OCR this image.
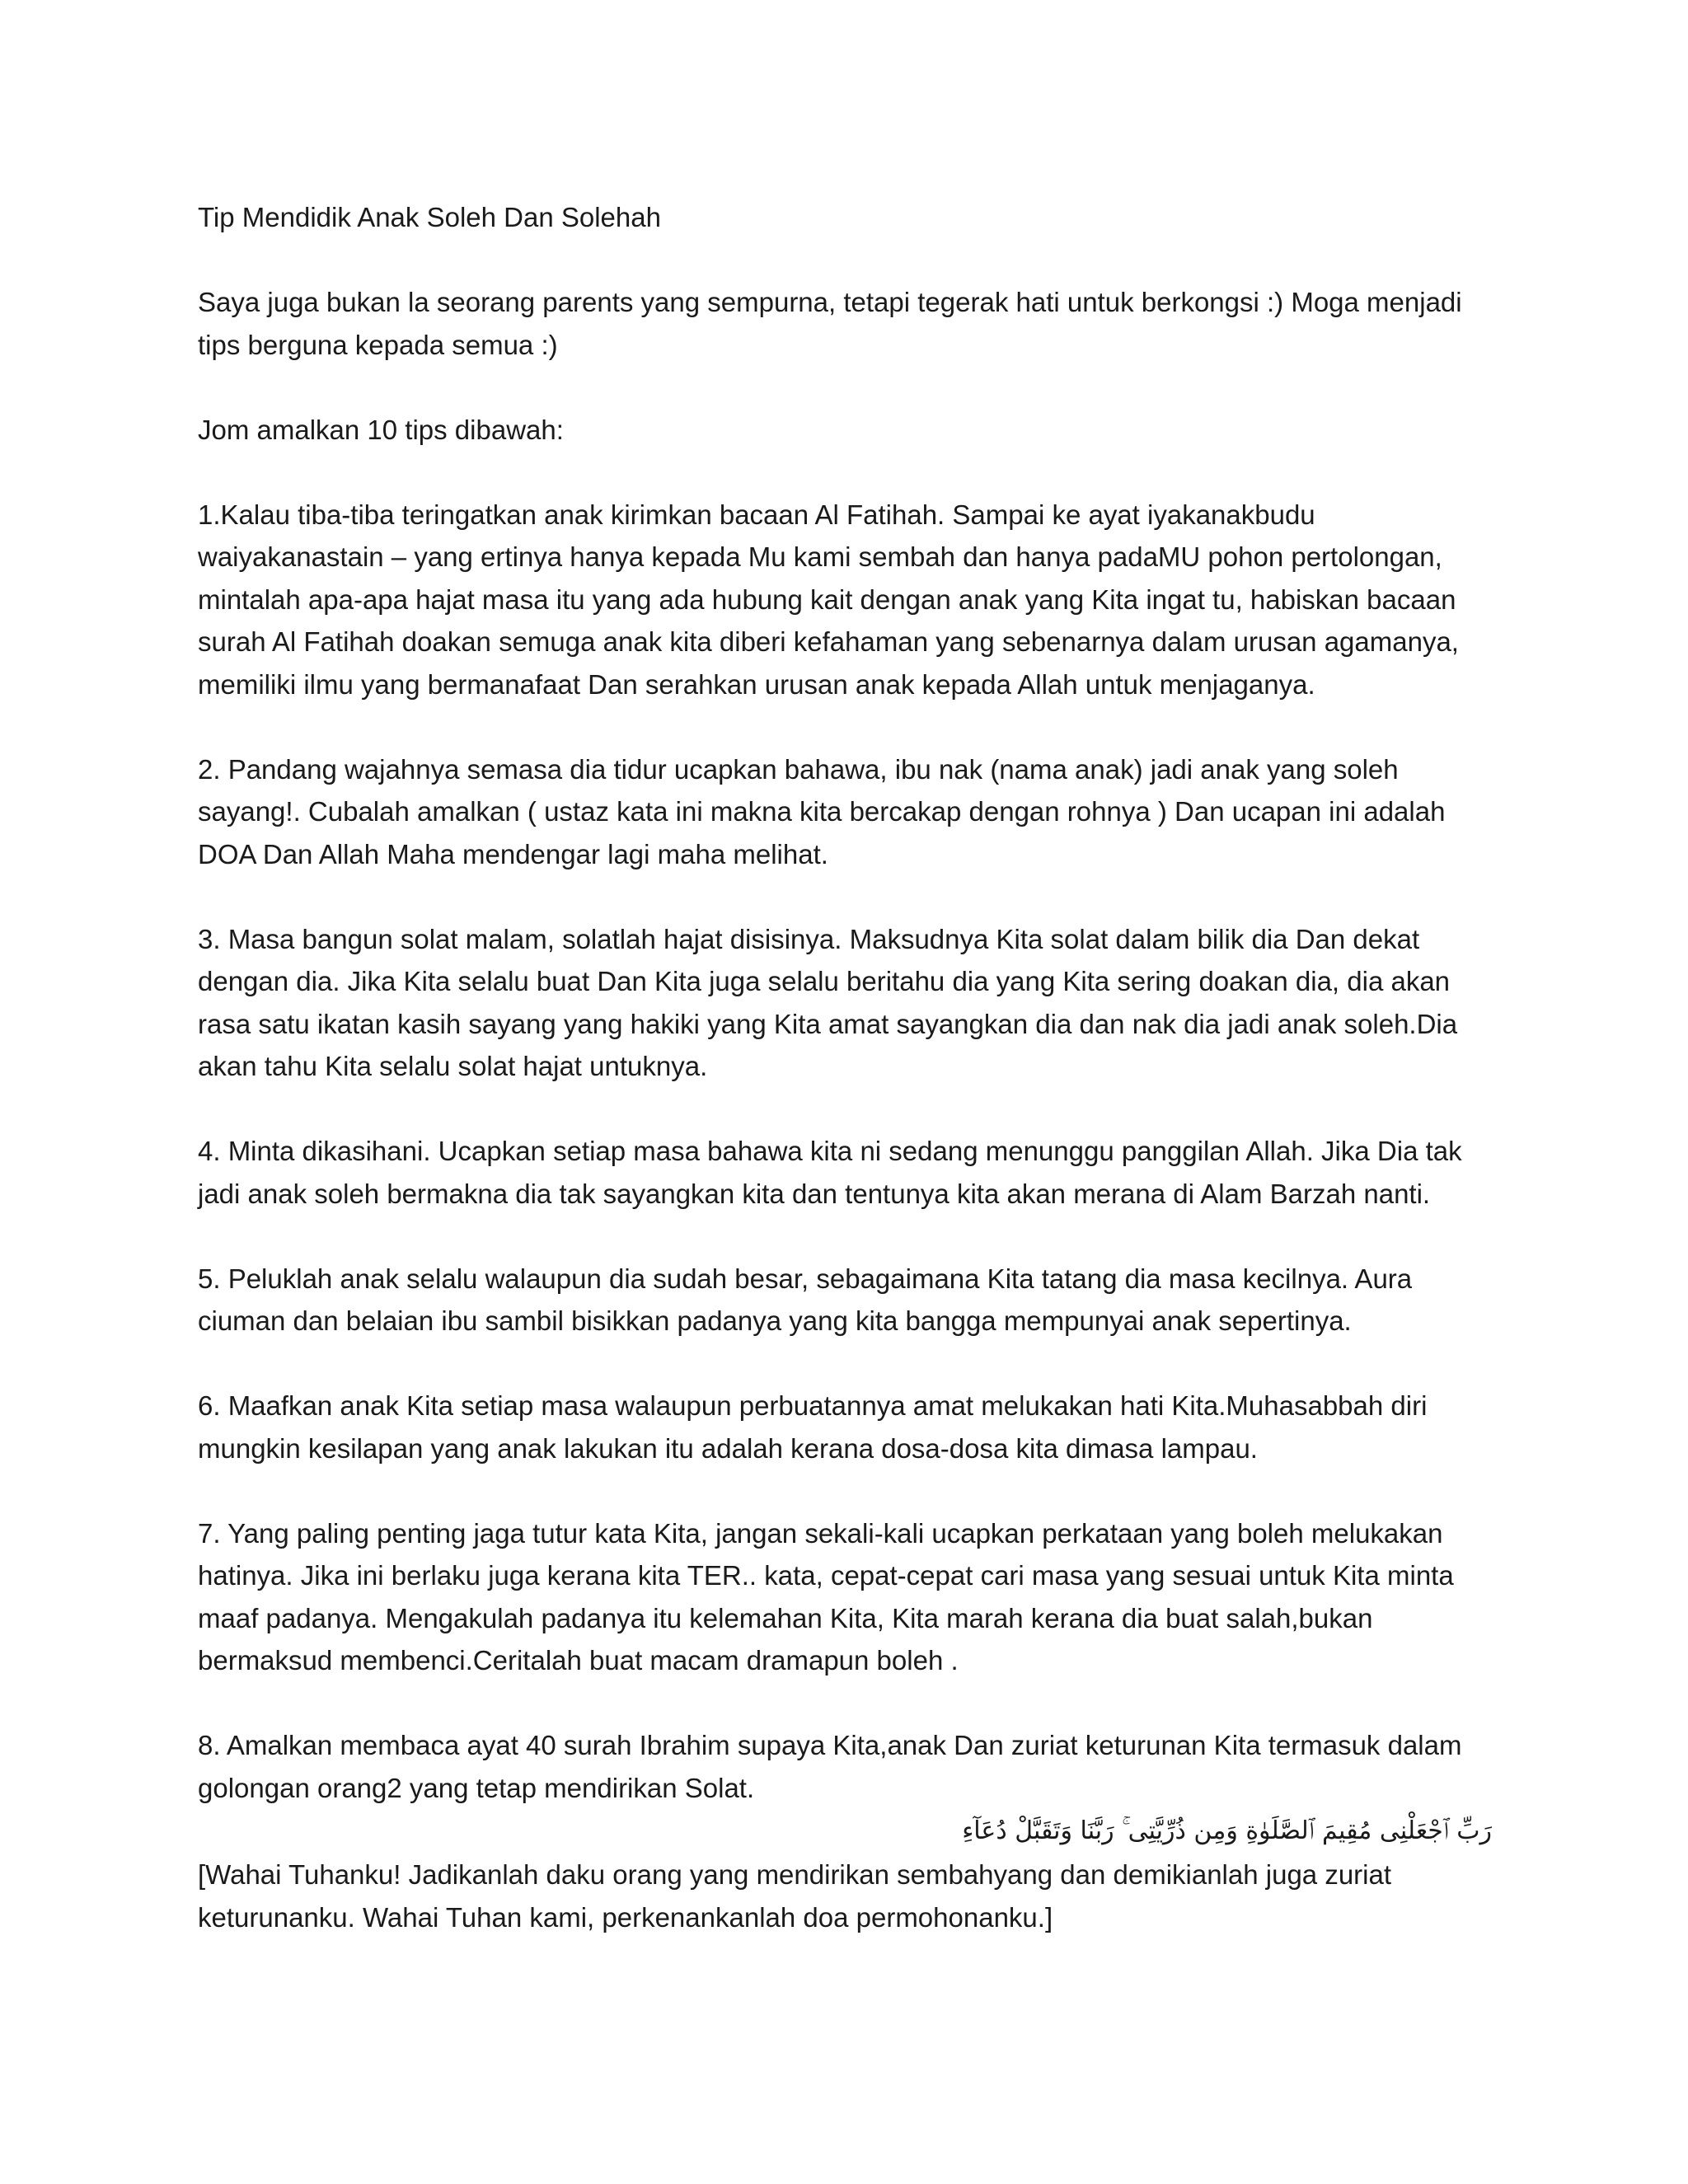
Tip Mendidik Anak Soleh Dan Solehah

Saya juga bukan la seorang parents yang sempurna, tetapi tegerak hati untuk berkongsi :) Moga menjadi
tips berguna kepada semua :)

Jom amalkan 10 tips dibawah:

1.Kalau tiba-tiba teringatkan anak kirimkan bacaan Al Fatihah. Sampai ke ayat iyakanakbudu
waiyakanastain – yang ertinya hanya kepada Mu kami sembah dan hanya padaMU pohon pertolongan,
mintalah apa-apa hajat masa itu yang ada hubung kait dengan anak yang Kita ingat tu, habiskan bacaan
surah Al Fatihah doakan semuga anak kita diberi kefahaman yang sebenarnya dalam urusan agamanya,
memiliki ilmu yang bermanafaat Dan serahkan urusan anak kepada Allah untuk menjaganya.

2. Pandang wajahnya semasa dia tidur ucapkan bahawa, ibu nak (nama anak) jadi anak yang soleh
sayang!. Cubalah amalkan ( ustaz kata ini makna kita bercakap dengan rohnya ) Dan ucapan ini adalah
DOA Dan Allah Maha mendengar lagi maha melihat.

3. Masa bangun solat malam, solatlah hajat disisinya. Maksudnya Kita solat dalam bilik dia Dan dekat
dengan dia. Jika Kita selalu buat Dan Kita juga selalu beritahu dia yang Kita sering doakan dia, dia akan
rasa satu ikatan kasih sayang yang hakiki yang Kita amat sayangkan dia dan nak dia jadi anak soleh.Dia
akan tahu Kita selalu solat hajat untuknya.

4. Minta dikasihani. Ucapkan setiap masa bahawa kita ni sedang menunggu panggilan Allah. Jika Dia tak
jadi anak soleh bermakna dia tak sayangkan kita dan tentunya kita akan merana di Alam Barzah nanti.

5. Peluklah anak selalu walaupun dia sudah besar, sebagaimana Kita tatang dia masa kecilnya. Aura
ciuman dan belaian ibu sambil bisikkan padanya yang kita bangga mempunyai anak sepertinya.

6. Maafkan anak Kita setiap masa walaupun perbuatannya amat melukakan hati Kita.Muhasabbah diri
mungkin kesilapan yang anak lakukan itu adalah kerana dosa-dosa kita dimasa lampau.

7. Yang paling penting jaga tutur kata Kita, jangan sekali-kali ucapkan perkataan yang boleh melukakan
hatinya. Jika ini berlaku juga kerana kita TER.. kata, cepat-cepat cari masa yang sesuai untuk Kita minta
maaf padanya. Mengakulah padanya itu kelemahan Kita, Kita marah kerana dia buat salah,bukan
bermaksud membenci.Ceritalah buat macam dramapun boleh .

8. Amalkan membaca ayat 40 surah Ibrahim supaya Kita,anak Dan zuriat keturunan Kita termasuk dalam
golongan orang2 yang tetap mendirikan Solat.
رَبِّ ٱجْعَلْنِى مُقِيمَ ٱلصَّلَوٰةِ وَمِن ذُرِّيَّتِى ۚ رَبَّنَا وَتَقَبَّلْ دُعَآءِ
[Wahai Tuhanku! Jadikanlah daku orang yang mendirikan sembahyang dan demikianlah juga zuriat
keturunanku. Wahai Tuhan kami, perkenankanlah doa permohonanku.]
